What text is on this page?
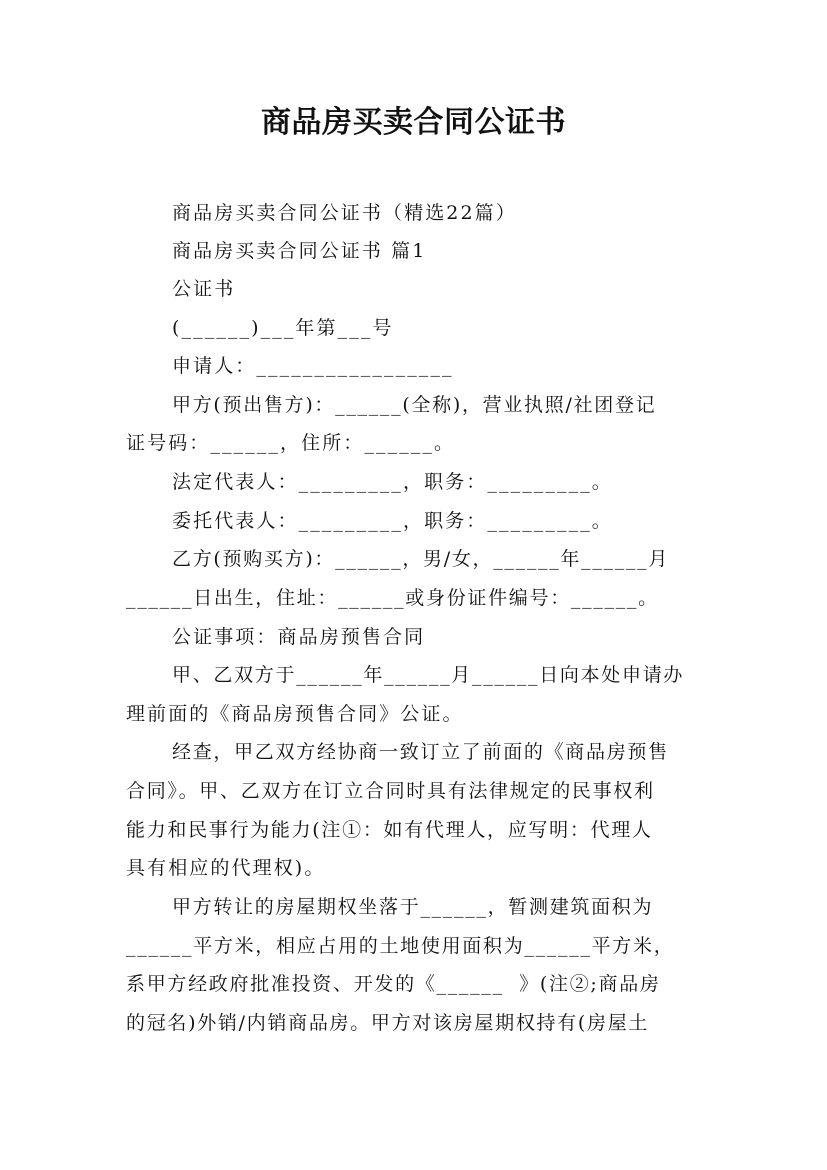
商品房买卖合同公证书
商品房买卖合同公证书（精选22篇）
商品房买卖合同公证书 篇1
公证书
(______)___年第___号
申请人：_________________
甲方(预出售方)：______(全称)，营业执照/社团登记
证号码：______，住所：______。
法定代表人：_________，职务：_________。
委托代表人：_________，职务：_________。
乙方(预购买方)：______，男/女，______年______月
______日出生，住址：______或身份证件编号：______。
公证事项：商品房预售合同
甲、乙双方于______年______月______日向本处申请办
理前面的《商品房预售合同》公证。
经查，甲乙双方经协商一致订立了前面的《商品房预售
合同》。甲、乙双方在订立合同时具有法律规定的民事权利
能力和民事行为能力(注①：如有代理人，应写明：代理人
具有相应的代理权)。
甲方转让的房屋期权坐落于______，暂测建筑面积为
______平方米，相应占用的土地使用面积为______平方米，
系甲方经政府批准投资、开发的《______  》(注②;商品房
的冠名)外销/内销商品房。甲方对该房屋期权持有(房屋土
